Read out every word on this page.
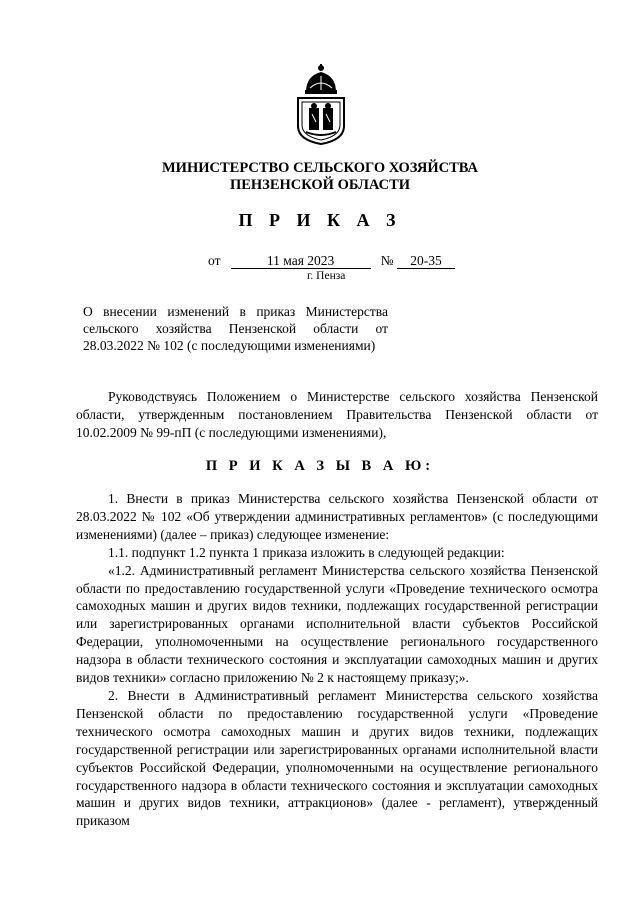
МИНИСТЕРСТВО СЕЛЬСКОГО ХОЗЯЙСТВА
ПЕНЗЕНСКОЙ ОБЛАСТИ
П Р И К А З
от	11 мая 2023	№ 20-35
г. Пенза
О внесении изменений в приказ Министерства сельского хозяйства Пензенской области от 28.03.2022 № 102 (с последующими изменениями)

Руководствуясь Положением о Министерстве сельского хозяйства Пензенской области, утвержденным постановлением Правительства Пензенской области от 10.02.2009 № 99-пП (с последующими изменениями),

П Р И К А З Ы В А Ю:

1. Внести в приказ Министерства сельского хозяйства Пензенской области от 28.03.2022 № 102 «Об утверждении административных регламентов» (с последующими изменениями) (далее – приказ) следующее изменение:

1.1. подпункт 1.2 пункта 1 приказа изложить в следующей редакции:

«1.2. Административный регламент Министерства сельского хозяйства Пензенской области по предоставлению государственной услуги «Проведение технического осмотра самоходных машин и других видов техники, подлежащих государственной регистрации или зарегистрированных органами исполнительной власти субъектов Российской Федерации, уполномоченными на осуществление регионального государственного надзора в области технического состояния и эксплуатации самоходных машин и других видов техники» согласно приложению № 2 к настоящему приказу;».

2. Внести в Административный регламент Министерства сельского хозяйства Пензенской области по предоставлению государственной услуги «Проведение технического осмотра самоходных машин и других видов техники, подлежащих государственной регистрации или зарегистрированных органами исполнительной власти субъектов Российской Федерации, уполномоченными на осуществление регионального государственного надзора в области технического состояния и эксплуатации самоходных машин и других видов техники, аттракционов» (далее - регламент), утвержденный приказом
